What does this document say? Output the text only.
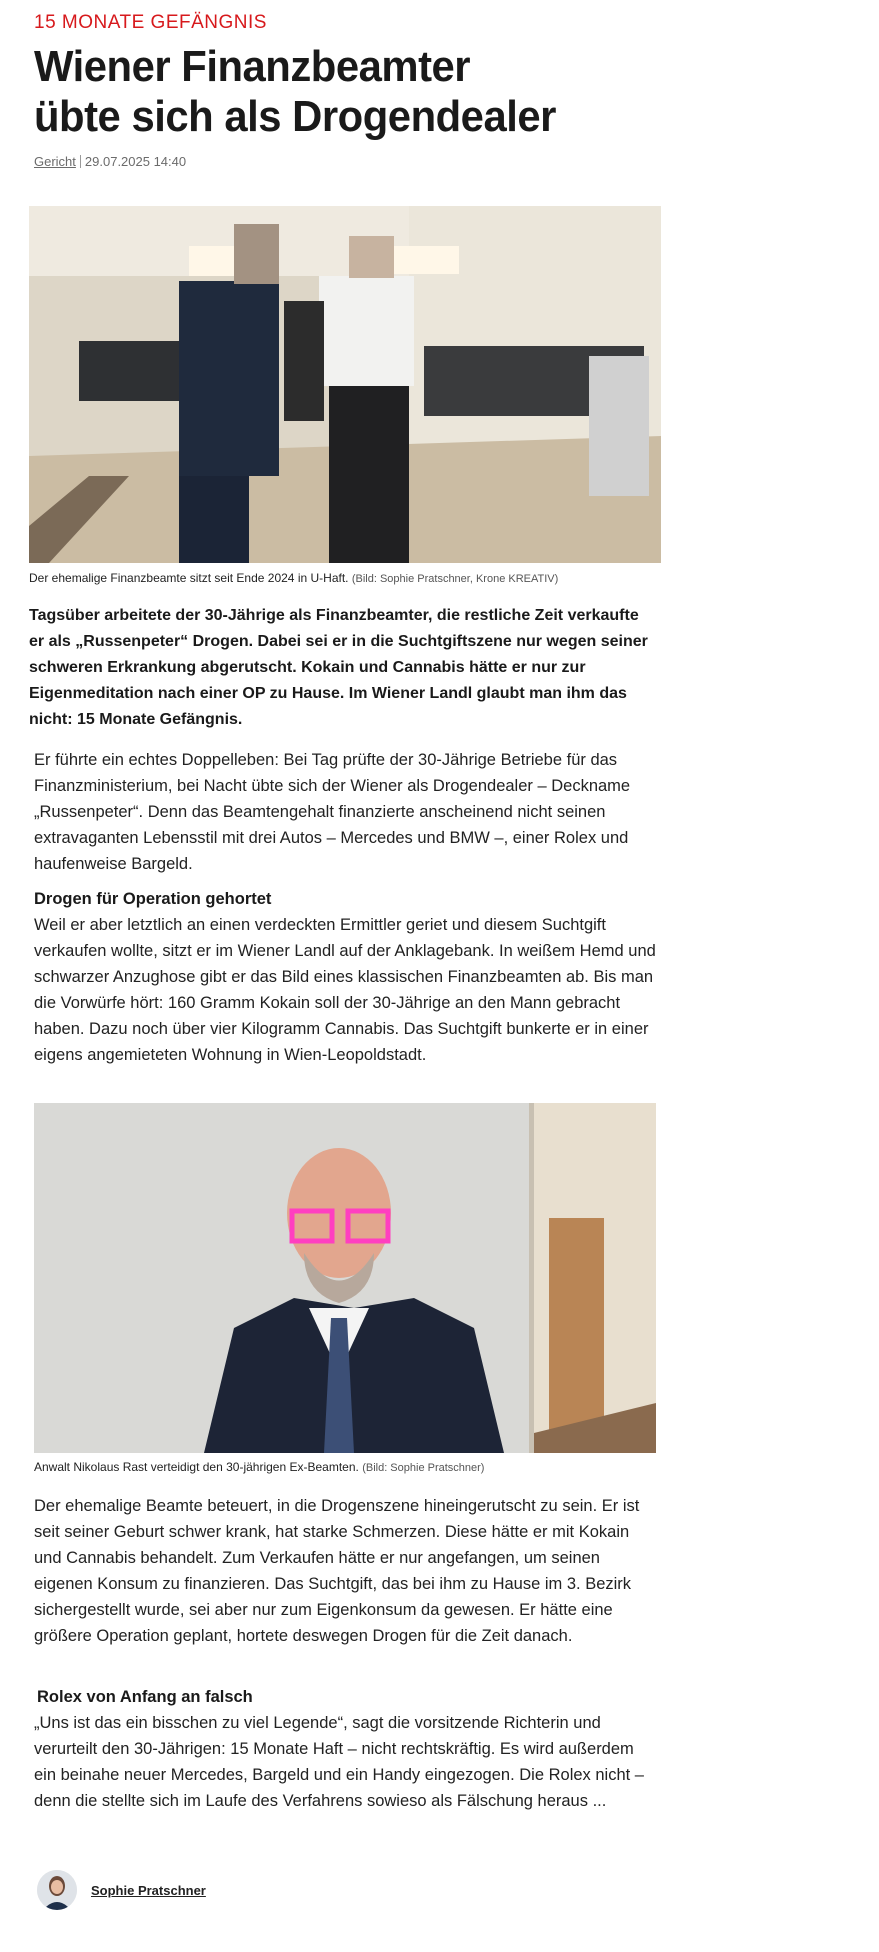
15 MONATE GEFÄNGNIS
Wiener Finanzbeamter übte sich als Drogendealer
Gericht 29.07.2025 14:40
Der ehemalige Finanzbeamte sitzt seit Ende 2024 in U-Haft. (Bild: Sophie Pratschner, Krone KREATIV)

Tagsüber arbeitete der 30-Jährige als Finanzbeamter, die restliche Zeit verkaufte er als „Russenpeter“ Drogen. Dabei sei er in die Suchtgiftszene nur wegen seiner schweren Erkrankung abgerutscht. Kokain und Cannabis hätte er nur zur Eigenmeditation nach einer OP zu Hause. Im Wiener Landl glaubt man ihm das nicht: 15 Monate Gefängnis.

Er führte ein echtes Doppelleben: Bei Tag prüfte der 30-Jährige Betriebe für das Finanzministerium, bei Nacht übte sich der Wiener als Drogendealer – Deckname „Russenpeter“. Denn das Beamtengehalt finanzierte anscheinend nicht seinen extravaganten Lebensstil mit drei Autos – Mercedes und BMW –, einer Rolex und haufenweise Bargeld.

Drogen für Operation gehortet

Weil er aber letztlich an einen verdeckten Ermittler geriet und diesem Suchtgift verkaufen wollte, sitzt er im Wiener Landl auf der Anklagebank. In weißem Hemd und schwarzer Anzughose gibt er das Bild eines klassischen Finanzbeamten ab. Bis man die Vorwürfe hört: 160 Gramm Kokain soll der 30-Jährige an den Mann gebracht haben. Dazu noch über vier Kilogramm Cannabis. Das Suchtgift bunkerte er in einer eigens angemieteten Wohnung in Wien-Leopoldstadt.

Anwalt Nikolaus Rast verteidigt den 30-jährigen Ex-Beamten. (Bild: Sophie Pratschner)

Der ehemalige Beamte beteuert, in die Drogenszene hineingerutscht zu sein. Er ist seit seiner Geburt schwer krank, hat starke Schmerzen. Diese hätte er mit Kokain und Cannabis behandelt. Zum Verkaufen hätte er nur angefangen, um seinen eigenen Konsum zu finanzieren. Das Suchtgift, das bei ihm zu Hause im 3. Bezirk sichergestellt wurde, sei aber nur zum Eigenkonsum da gewesen. Er hätte eine größere Operation geplant, hortete deswegen Drogen für die Zeit danach.

Rolex von Anfang an falsch

„Uns ist das ein bisschen zu viel Legende“, sagt die vorsitzende Richterin und verurteilt den 30-Jährigen: 15 Monate Haft – nicht rechtskräftig. Es wird außerdem ein beinahe neuer Mercedes, Bargeld und ein Handy eingezogen. Die Rolex nicht – denn die stellte sich im Laufe des Verfahrens sowieso als Fälschung heraus ...

Sophie Pratschner
